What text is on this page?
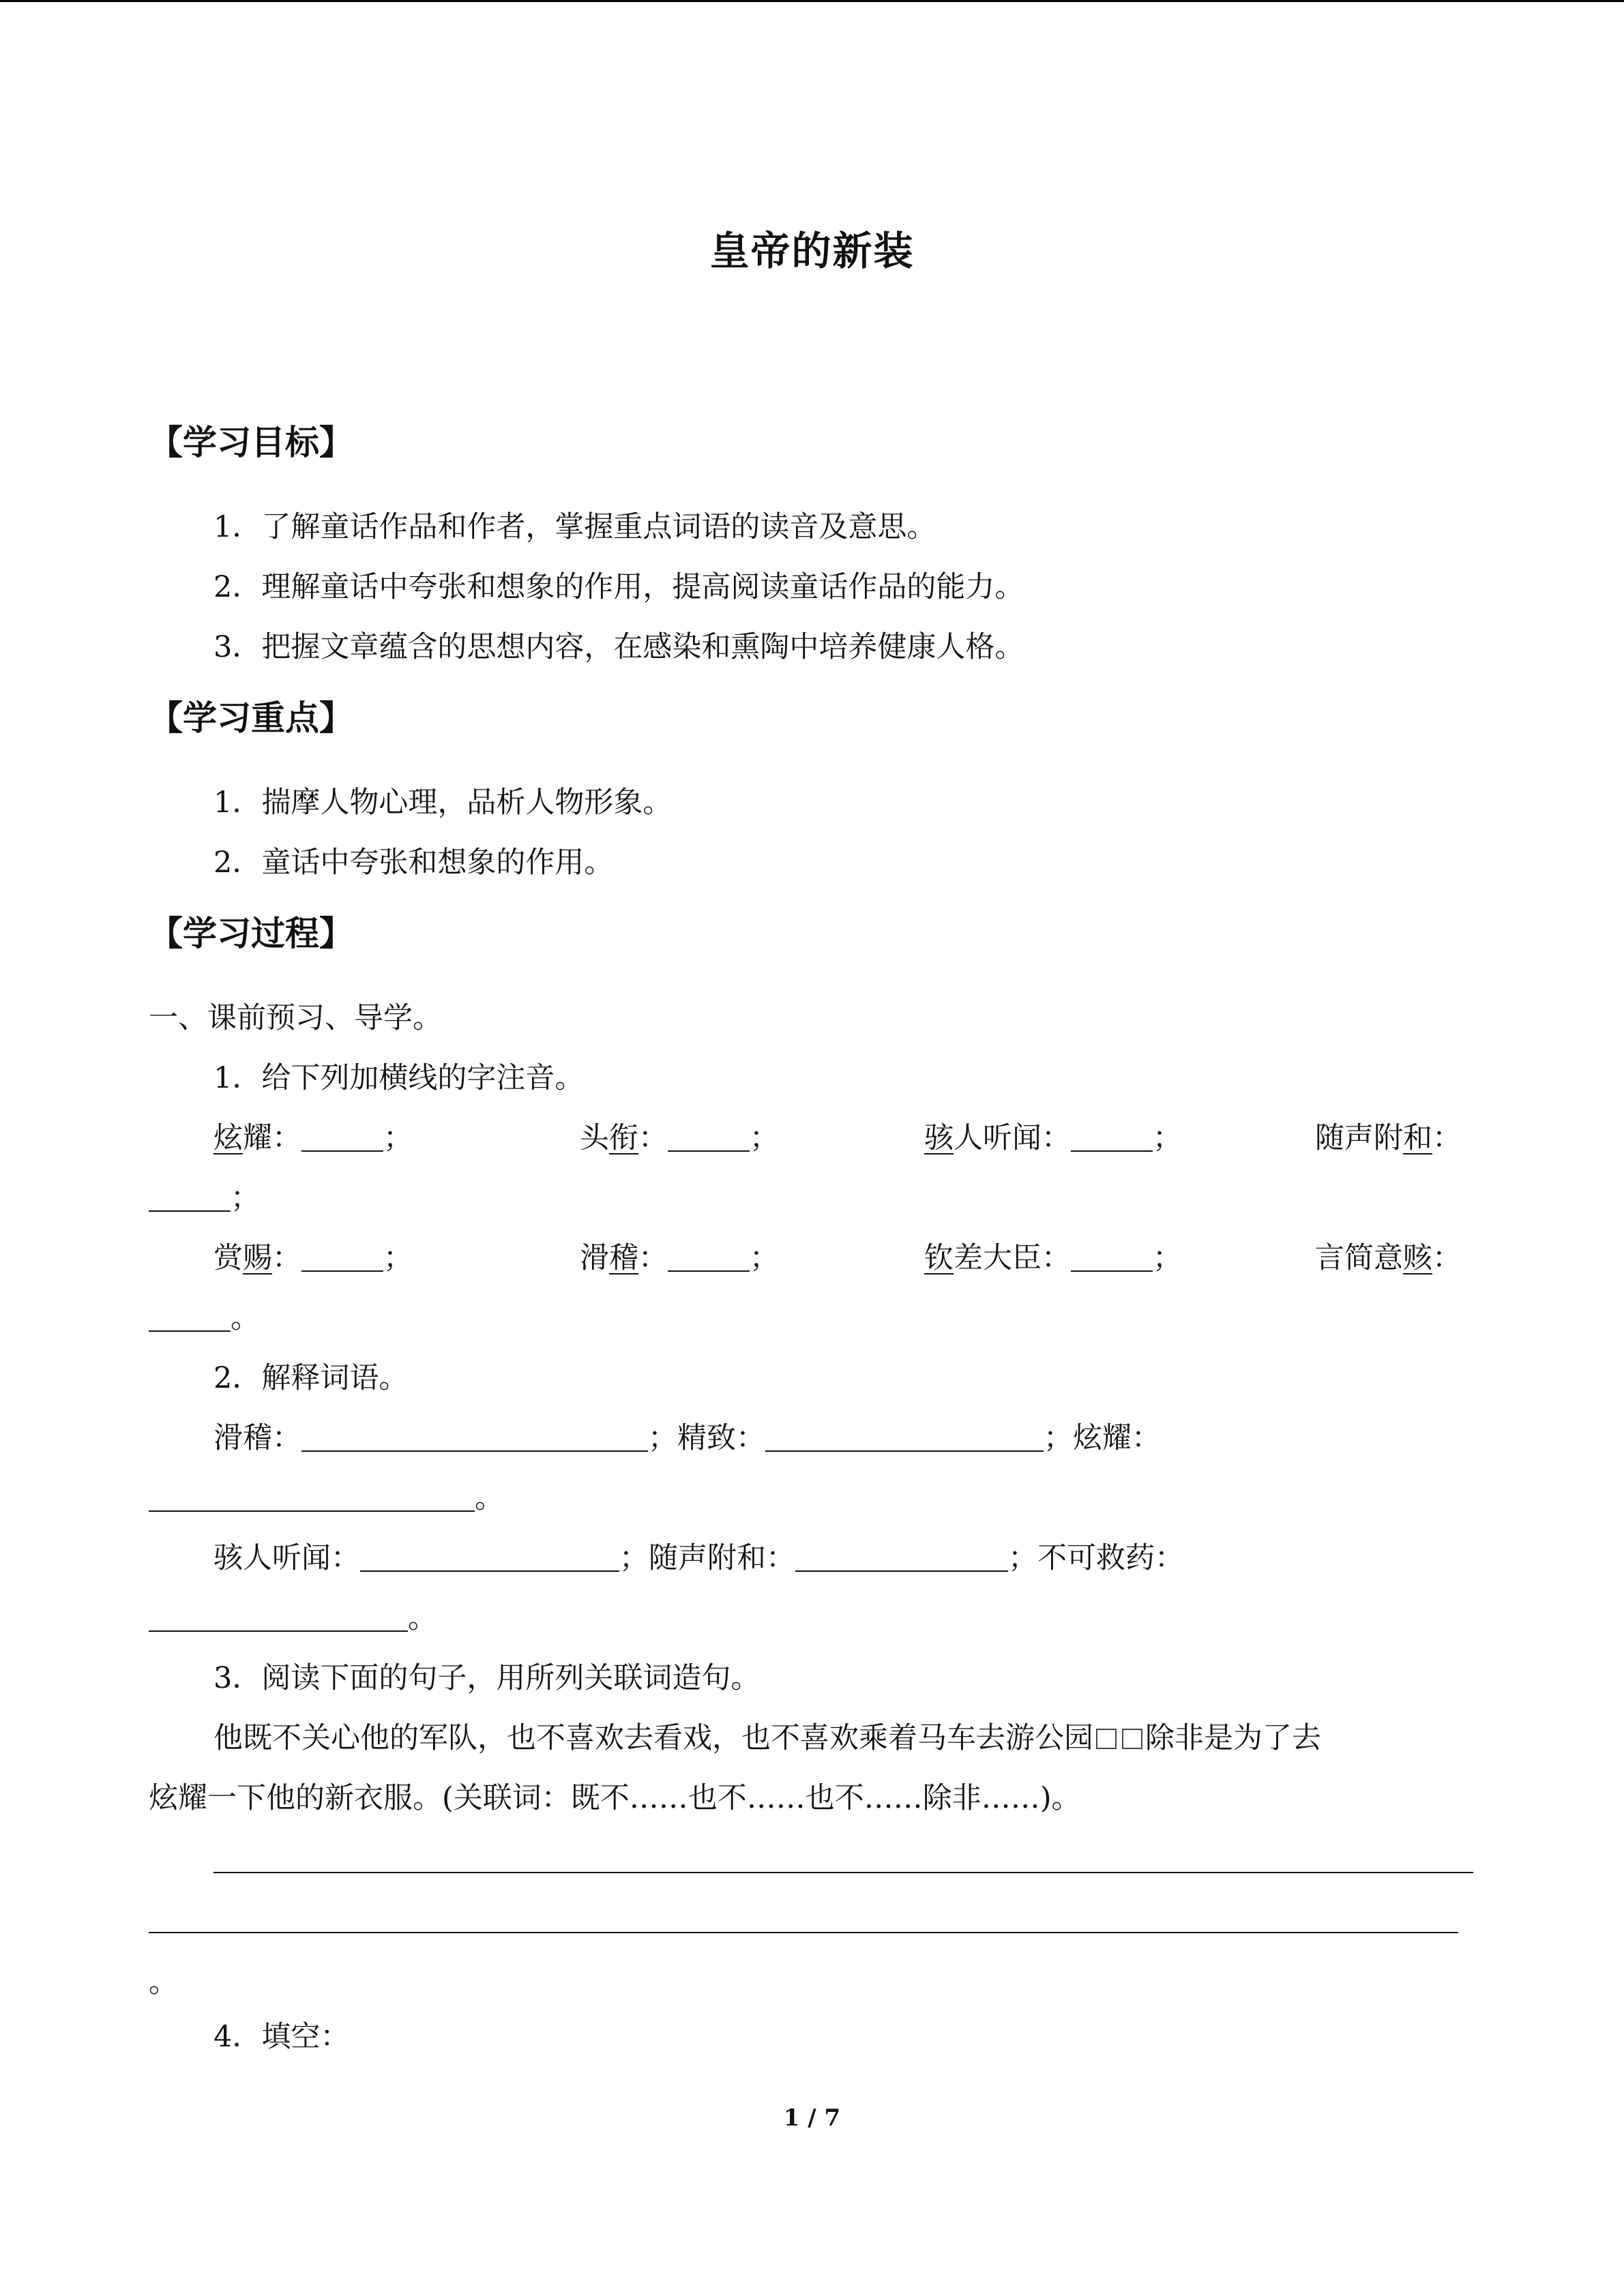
皇帝的新装
【学习目标】
1．了解童话作品和作者，掌握重点词语的读音及意思。
2．理解童话中夸张和想象的作用，提高阅读童话作品的能力。
3．把握文章蕴含的思想内容，在感染和熏陶中培养健康人格。
【学习重点】
1．揣摩人物心理，品析人物形象。
2．童话中夸张和想象的作用。
【学习过程】
一、课前预习、导学。
1．给下列加横线的字注音。
炫耀：	；	头衔：	；	骇人听闻：	；	随声附和：
；
赏赐：	；	滑稽：	；	钦差大臣：	；	言简意赅：
。
2．解释词语。
滑稽：	；精致：	；炫耀：
。
骇人听闻：	；随声附和：	；不可救药：
。
3．阅读下面的句子，用所列关联词造句。
他既不关心他的军队，也不喜欢去看戏，也不喜欢乘着马车去游公园 除非是为了去
炫耀一下他的新衣服。(关联词：既不……也不……也不……除非……)。
。
4．填空：
1 / 7
